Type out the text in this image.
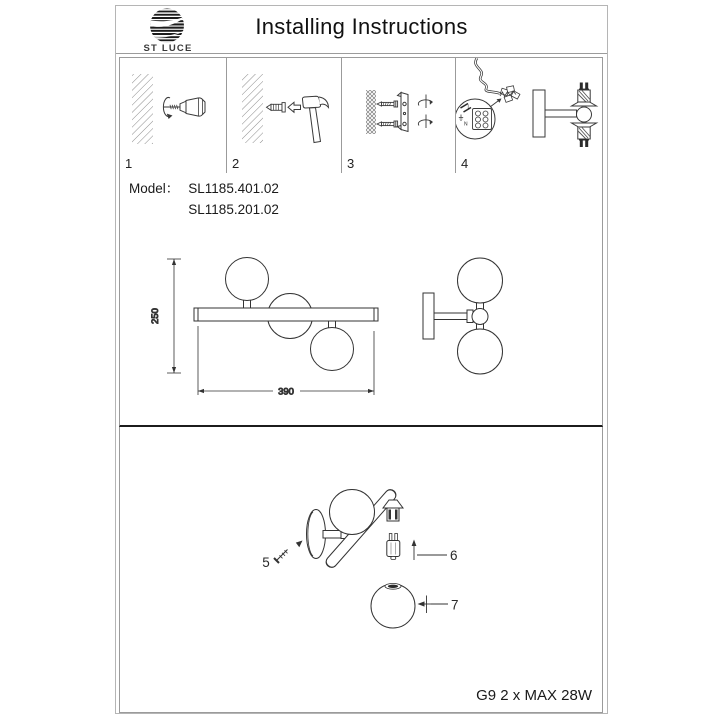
ST LUCE
Installing Instructions
1	2	3
L
N
4
Model： SL1185.401.02
SL1185.201.02
250
390
5	6
7
G9 2 x MAX 28W
